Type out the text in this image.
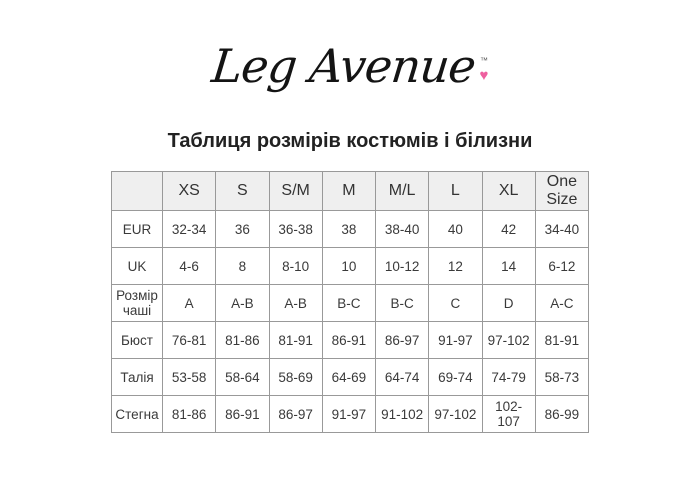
Leg Avenue ™
♥
Таблиця розмірів костюмів і білизни
	XS	S	S/M	M	M/L	L	XL	One Size
EUR	32-34	36	36-38	38	38-40	40	42	34-40
UK	4-6	8	8-10	10	10-12	12	14	6-12
Розмір чаші	A	A-B	A-B	B-C	B-C	C	D	A-C
Бюст	76-81	81-86	81-91	86-91	86-97	91-97	97-102	81-91
Талія	53-58	58-64	58-69	64-69	64-74	69-74	74-79	58-73
Стегна	81-86	86-91	86-97	91-97	91-102	97-102	102-107	86-99
